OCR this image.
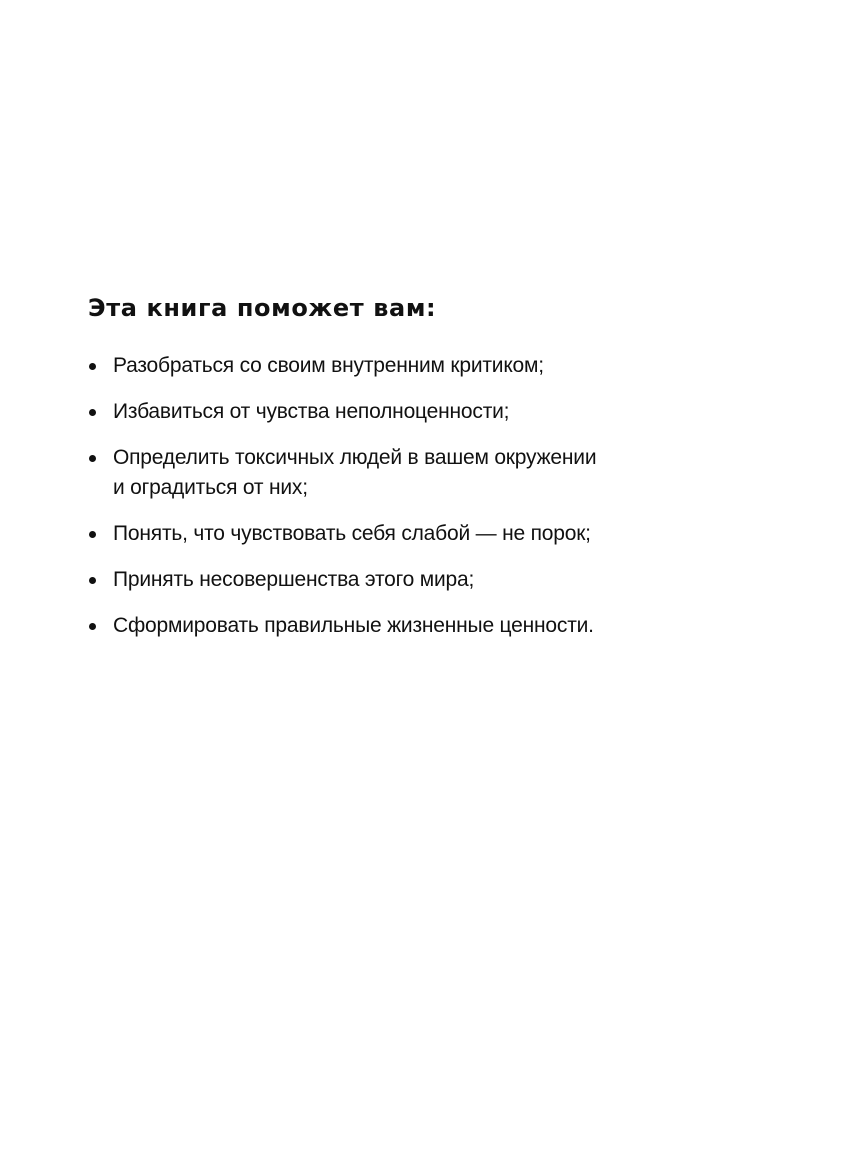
Эта книга поможет вам:
Разобраться со своим внутренним критиком;
Избавиться от чувства неполноценности;
Определить токсичных людей в вашем окружении
и оградиться от них;
Понять, что чувствовать себя слабой — не порок;
Принять несовершенства этого мира;
Сформировать правильные жизненные ценности.
